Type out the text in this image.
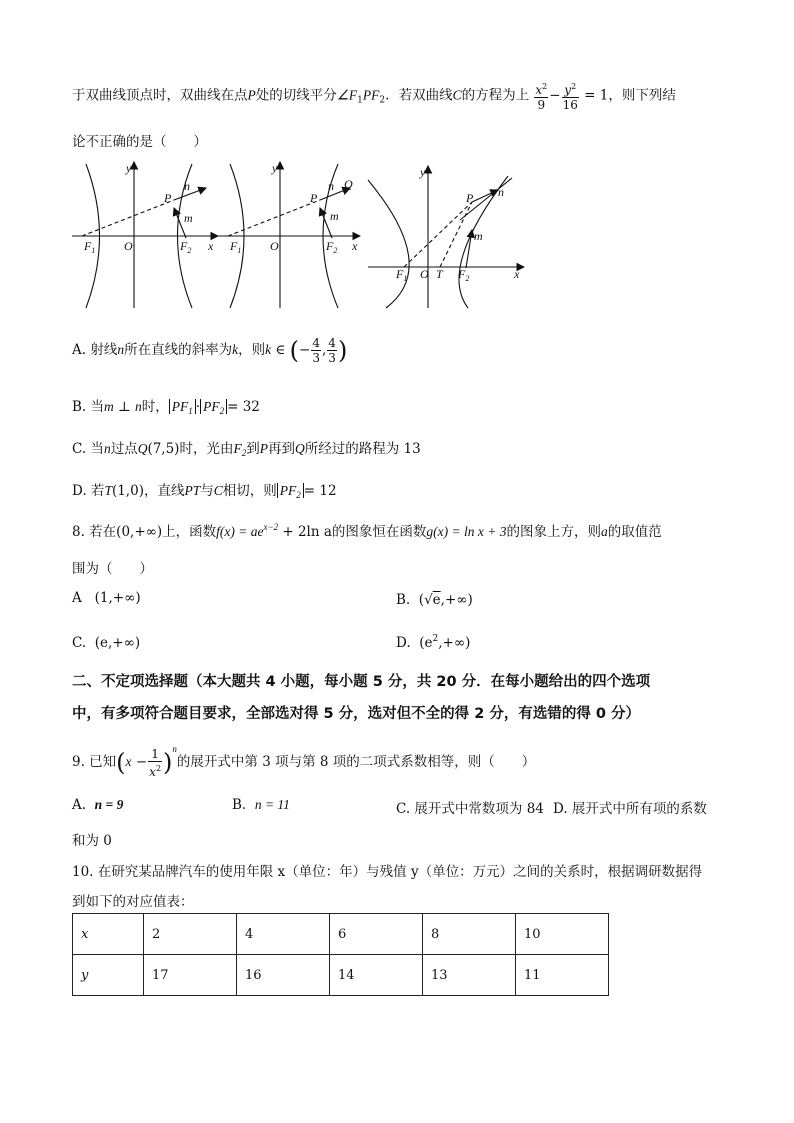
于双曲线顶点时，双曲线在点P处的切线平分$\angle F_1PF_2$．若双曲线C的方程为上 $\frac{x^2}{9} - \frac{y^2}{16} = 1$，则下列结
论不正确的是（　　）
y
x
O
$F_1$	$F_2$
P
n
m
y
x
O
$F_1$	$F_2$
P
n Q
m
y
x
O T
$F_1$	$F_2$
P n
m
A. 射线n所在直线的斜率为k，则k ∈ (− $\frac{4}{3}$ , $\frac{4}{3}$ )
B. 当m ⊥ n时， $PF_1 \cdot PF_2 = 32$
C. 当n过点Q(7,5)时，光由$F_2$到P再到Q所经过的路程为 13
D. 若T(1,0)，直线PT与C相切，则 $PF_2 = 12$
8. 若在(0,+∞)上，函数$f(x) = ae^{x-2} + 2\ln$ a的图象恒在函数g(x) = ln x + 3的图象上方，则a的取值范
围为（　　）
A (1,+∞)	B.  (√e,+∞)
C. (e,+∞)	D.  $(e^2,+\infty)$
二、不定项选择题（本大题共 4 小题，每小题 5 分，共 20 分．在每小题给出的四个选项
中，有多项符合题目要求，全部选对得 5 分，选对但不全的得 2 分，有选错的得 0 分）
9. 已知$(x - \frac{1}{x^2} )^n$的展开式中第 3 项与第 8 项的二项式系数相等，则（　　）
A. n = 9	B. n = 11	C. 展开式中常数项为 84 D. 展开式中所有项的系数
和为 0
10. 在研究某品牌汽车的使用年限 x（单位：年）与残值 y（单位：万元）之间的关系时，根据调研数据得
到如下的对应值表：
x	2	4	6	8	10
y	17	16	14	13	11
